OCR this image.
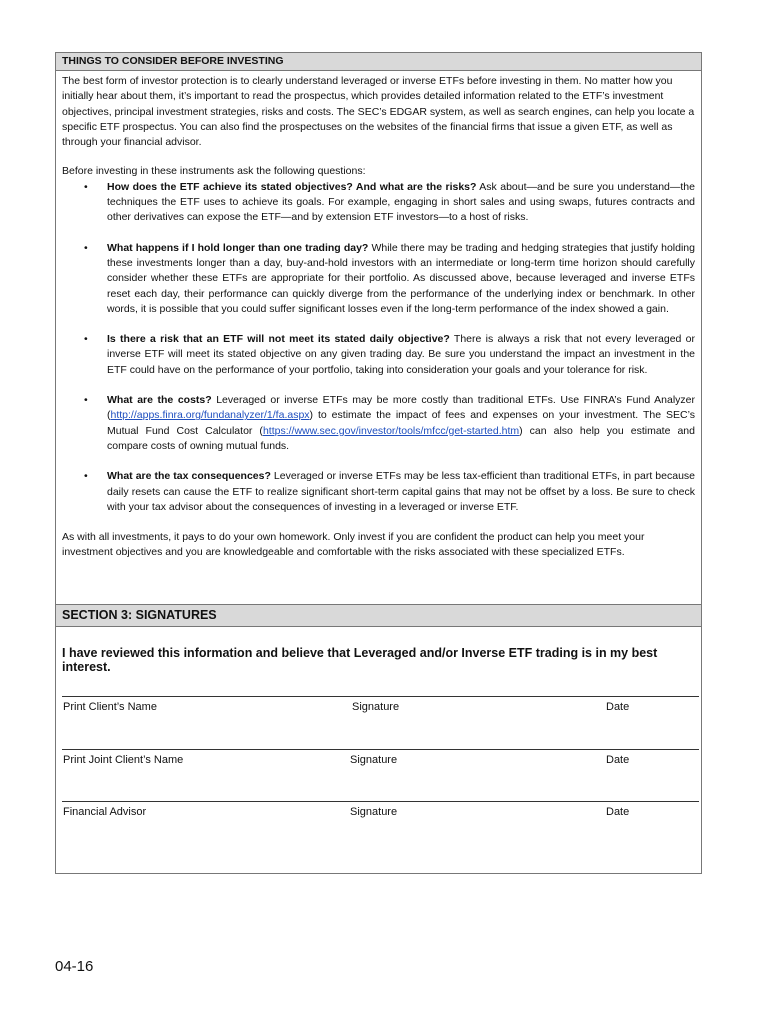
THINGS TO CONSIDER BEFORE INVESTING

The best form of investor protection is to clearly understand leveraged or inverse ETFs before investing in them. No matter how you initially hear about them, it’s important to read the prospectus, which provides detailed information related to the ETF’s investment objectives, principal investment strategies, risks and costs. The SEC’s EDGAR system, as well as search engines, can help you locate a specific ETF prospectus. You can also find the prospectuses on the websites of the financial firms that issue a given ETF, as well as through your financial advisor.

Before investing in these instruments ask the following questions:

• How does the ETF achieve its stated objectives? And what are the risks? Ask about—and be sure you understand—the techniques the ETF uses to achieve its goals. For example, engaging in short sales and using swaps, futures contracts and other derivatives can expose the ETF—and by extension ETF investors—to a host of risks.
• What happens if I hold longer than one trading day? While there may be trading and hedging strategies that justify holding these investments longer than a day, buy-and-hold investors with an intermediate or long-term time horizon should carefully consider whether these ETFs are appropriate for their portfolio. As discussed above, because leveraged and inverse ETFs reset each day, their performance can quickly diverge from the performance of the underlying index or benchmark. In other words, it is possible that you could suffer significant losses even if the long-term performance of the index showed a gain.
• Is there a risk that an ETF will not meet its stated daily objective? There is always a risk that not every leveraged or inverse ETF will meet its stated objective on any given trading day. Be sure you understand the impact an investment in the ETF could have on the performance of your portfolio, taking into consideration your goals and your tolerance for risk.
• What are the costs? Leveraged or inverse ETFs may be more costly than traditional ETFs. Use FINRA’s Fund Analyzer (http://apps.finra.org/fundanalyzer/1/fa.aspx) to estimate the impact of fees and expenses on your investment. The SEC’s Mutual Fund Cost Calculator (https://www.sec.gov/investor/tools/mfcc/get-started.htm) can also help you estimate and compare costs of owning mutual funds.
• What are the tax consequences? Leveraged or inverse ETFs may be less tax-efficient than traditional ETFs, in part because daily resets can cause the ETF to realize significant short-term capital gains that may not be offset by a loss. Be sure to check with your tax advisor about the consequences of investing in a leveraged or inverse ETF.

As with all investments, it pays to do your own homework. Only invest if you are confident the product can help you meet your investment objectives and you are knowledgeable and comfortable with the risks associated with these specialized ETFs.

SECTION 3: SIGNATURES
I have reviewed this information and believe that Leveraged and/or Inverse ETF trading is in my best interest.
Print Client’s Name	Signature	Date
Print Joint Client’s Name	Signature	Date
Financial Advisor	Signature	Date
04-16
